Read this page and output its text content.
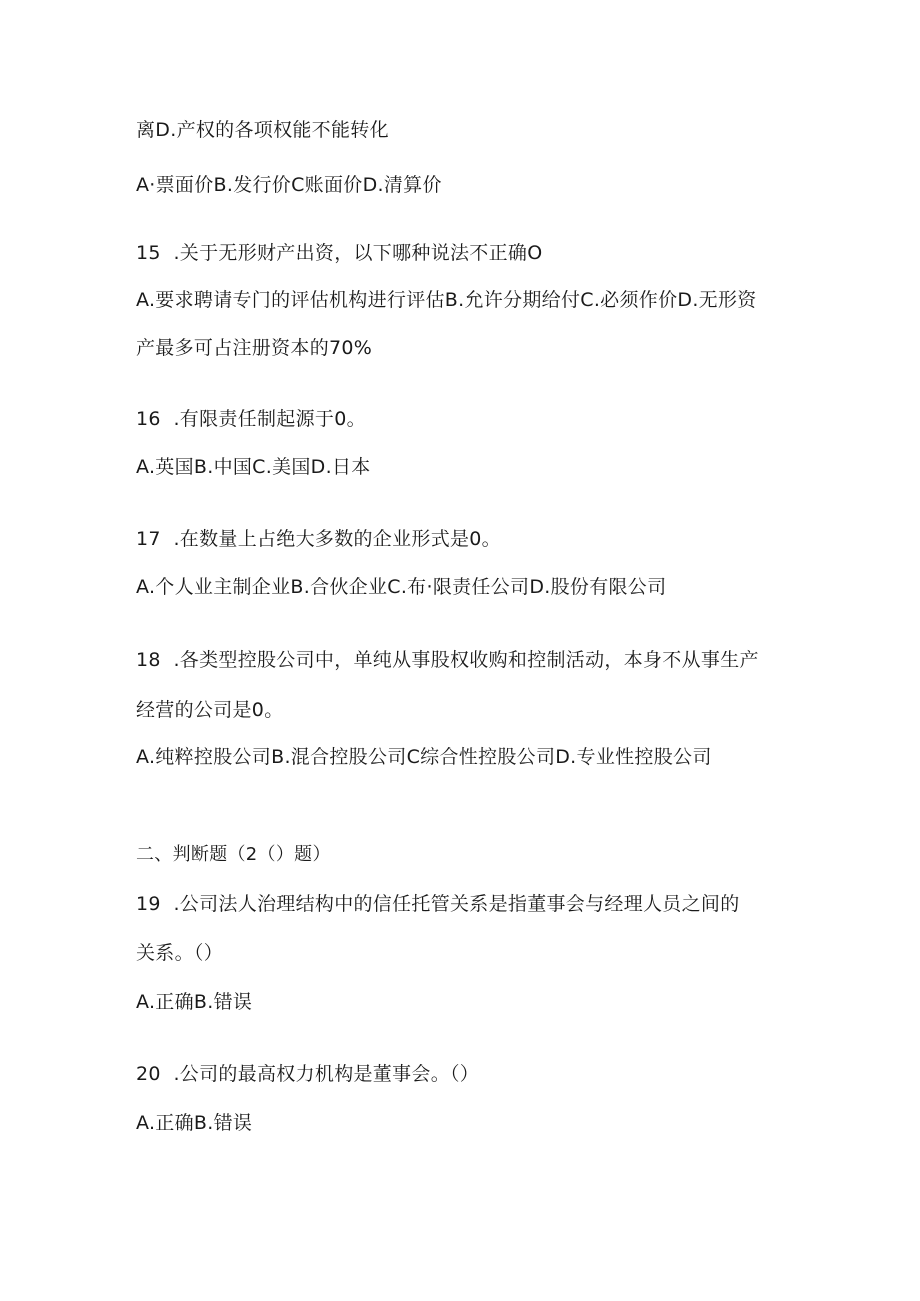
离D.产权的各项权能不能转化
A·票面价B.发行价C账面价D.清算价
15  .关于无形财产出资，以下哪种说法不正确O
A.要求聘请专门的评估机构进行评估B.允许分期给付C.必须作价D.无形资
产最多可占注册资本的70%
16  .有限责任制起源于0。
A.英国B.中国C.美国D.日本
17  .在数量上占绝大多数的企业形式是0。
A.个人业主制企业B.合伙企业C.布·限责任公司D.股份有限公司
18  .各类型控股公司中，单纯从事股权收购和控制活动，本身不从事生产
经营的公司是0。
A.纯粹控股公司B.混合控股公司C综合性控股公司D.专业性控股公司
二、判断题（2（）题）
19  .公司法人治理结构中的信任托管关系是指董事会与经理人员之间的
关系。（）
A.正确B.错误
20  .公司的最高权力机构是董事会。（）
A.正确B.错误
